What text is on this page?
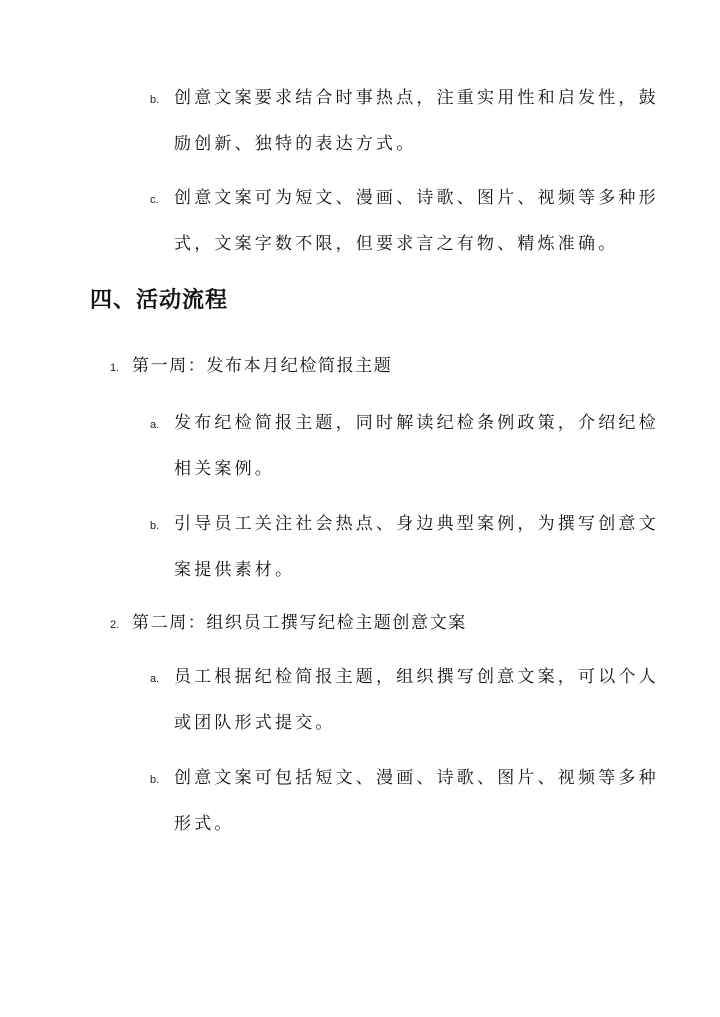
b. 创意文案要求结合时事热点，注重实用性和启发性，鼓
励创新、独特的表达方式。
c. 创意文案可为短文、漫画、诗歌、图片、视频等多种形
式，文案字数不限，但要求言之有物、精炼准确。
四、活动流程
1. 第一周：发布本月纪检简报主题
a. 发布纪检简报主题，同时解读纪检条例政策，介绍纪检
相关案例。
b. 引导员工关注社会热点、身边典型案例，为撰写创意文
案提供素材。
2. 第二周：组织员工撰写纪检主题创意文案
a. 员工根据纪检简报主题，组织撰写创意文案，可以个人
或团队形式提交。
b. 创意文案可包括短文、漫画、诗歌、图片、视频等多种
形式。
